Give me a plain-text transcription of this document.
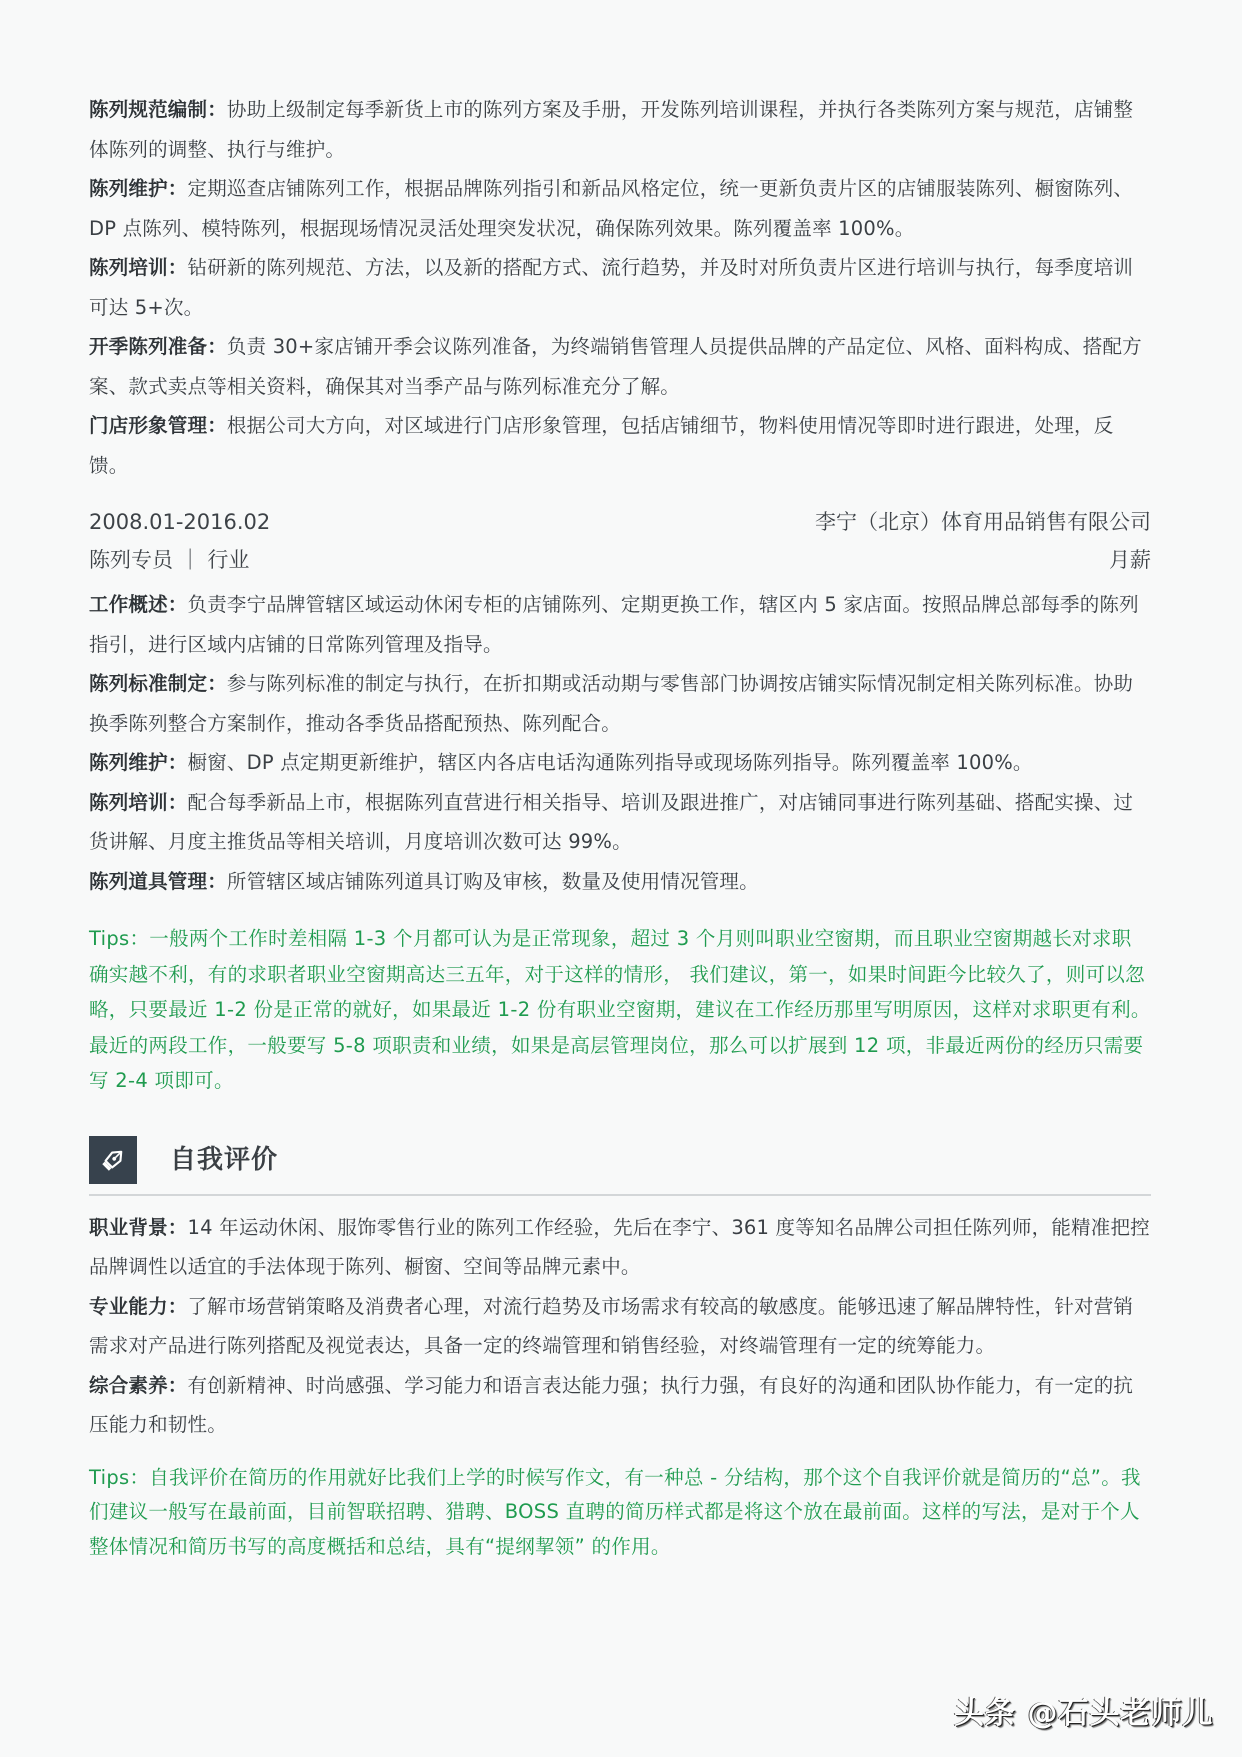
陈列规范编制：协助上级制定每季新货上市的陈列方案及手册，开发陈列培训课程，并执行各类陈列方案与规范，店铺整体陈列的调整、执行与维护。

陈列维护：定期巡查店铺陈列工作，根据品牌陈列指引和新品风格定位，统一更新负责片区的店铺服装陈列、橱窗陈列、DP 点陈列、模特陈列，根据现场情况灵活处理突发状况，确保陈列效果。陈列覆盖率 100%。

陈列培训：钻研新的陈列规范、方法，以及新的搭配方式、流行趋势，并及时对所负责片区进行培训与执行，每季度培训可达 5+次。

开季陈列准备：负责 30+家店铺开季会议陈列准备，为终端销售管理人员提供品牌的产品定位、风格、面料构成、搭配方案、款式卖点等相关资料，确保其对当季产品与陈列标准充分了解。

门店形象管理：根据公司大方向，对区域进行门店形象管理，包括店铺细节，物料使用情况等即时进行跟进，处理，反馈。

2008.01-2016.02	李宁（北京）体育用品销售有限公司
陈列专员 ｜ 行业	月薪

工作概述：负责李宁品牌管辖区域运动休闲专柜的店铺陈列、定期更换工作，辖区内 5 家店面。按照品牌总部每季的陈列指引，进行区域内店铺的日常陈列管理及指导。

陈列标准制定：参与陈列标准的制定与执行，在折扣期或活动期与零售部门协调按店铺实际情况制定相关陈列标准。协助换季陈列整合方案制作，推动各季货品搭配预热、陈列配合。

陈列维护：橱窗、DP 点定期更新维护，辖区内各店电话沟通陈列指导或现场陈列指导。陈列覆盖率 100%。

陈列培训：配合每季新品上市，根据陈列直营进行相关指导、培训及跟进推广，对店铺同事进行陈列基础、搭配实操、过货讲解、月度主推货品等相关培训，月度培训次数可达 99%。

陈列道具管理：所管辖区域店铺陈列道具订购及审核，数量及使用情况管理。

Tips：一般两个工作时差相隔 1-3 个月都可认为是正常现象，超过 3 个月则叫职业空窗期，而且职业空窗期越长对求职确实越不利，有的求职者职业空窗期高达三五年，对于这样的情形， 我们建议，第一，如果时间距今比较久了，则可以忽略，只要最近 1-2 份是正常的就好，如果最近 1-2 份有职业空窗期，建议在工作经历那里写明原因，这样对求职更有利。最近的两段工作，一般要写 5-8 项职责和业绩，如果是高层管理岗位，那么可以扩展到 12 项，非最近两份的经历只需要写 2-4 项即可。

自我评价

职业背景：14 年运动休闲、服饰零售行业的陈列工作经验，先后在李宁、361 度等知名品牌公司担任陈列师，能精准把控品牌调性以适宜的手法体现于陈列、橱窗、空间等品牌元素中。

专业能力：了解市场营销策略及消费者心理，对流行趋势及市场需求有较高的敏感度。能够迅速了解品牌特性，针对营销需求对产品进行陈列搭配及视觉表达，具备一定的终端管理和销售经验，对终端管理有一定的统筹能力。

综合素养：有创新精神、时尚感强、学习能力和语言表达能力强；执行力强，有良好的沟通和团队协作能力，有一定的抗压能力和韧性。

Tips：自我评价在简历的作用就好比我们上学的时候写作文，有一种总 - 分结构，那个这个自我评价就是简历的“总”。我们建议一般写在最前面，目前智联招聘、猎聘、BOSS 直聘的简历样式都是将这个放在最前面。这样的写法，是对于个人整体情况和简历书写的高度概括和总结，具有“提纲挈领” 的作用。

头条 @石头老师儿
